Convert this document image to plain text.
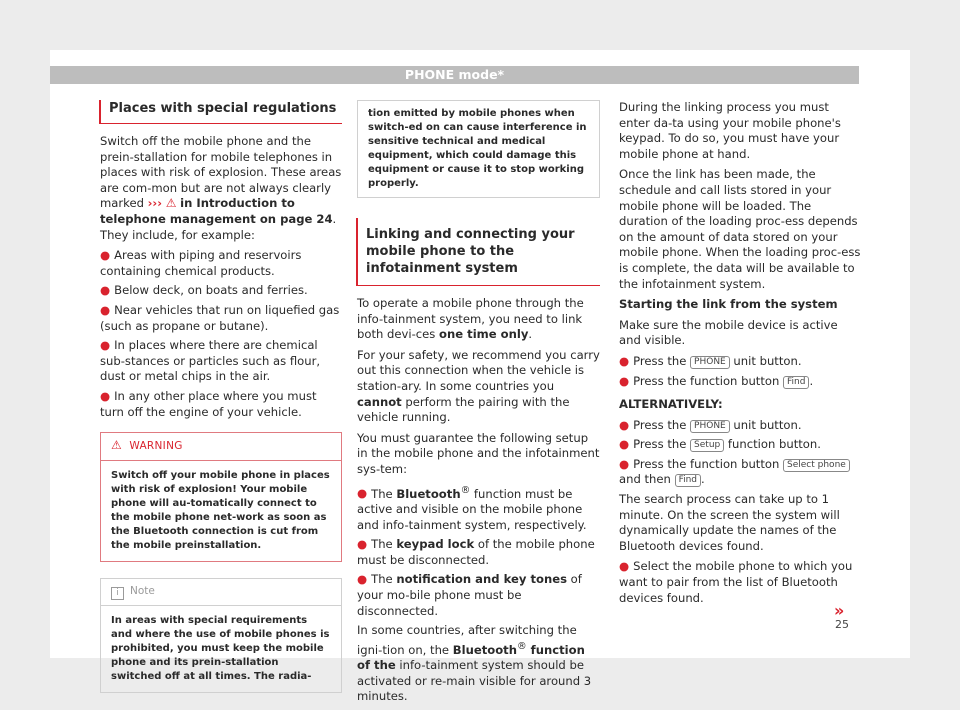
PHONE mode*
Places with special regulations

Switch off the mobile phone and the prein-stallation for mobile telephones in places with risk of explosion. These areas are com-mon but are not always clearly marked ››› ⚠ in Introduction to telephone management on page 24. They include, for example:

● Areas with piping and reservoirs containing chemical products.

● Below deck, on boats and ferries.

● Near vehicles that run on liquefied gas (such as propane or butane).

● In places where there are chemical sub-stances or particles such as flour, dust or metal chips in the air.

● In any other place where you must turn off the engine of your vehicle.

⚠ WARNING
Switch off your mobile phone in places with risk of explosion! Your mobile phone will au-tomatically connect to the mobile phone net-work as soon as the Bluetooth connection is cut from the mobile preinstallation.
i Note
In areas with special requirements and where the use of mobile phones is prohibited, you must keep the mobile phone and its prein-stallation switched off at all times. The radia-
tion emitted by mobile phones when switch-ed on can cause interference in sensitive technical and medical equipment, which could damage this equipment or cause it to stop working properly.
Linking and connecting your mobile phone to the infotainment system

To operate a mobile phone through the info-tainment system, you need to link both devi-ces one time only.

For your safety, we recommend you carry out this connection when the vehicle is station-ary. In some countries you cannot perform the pairing with the vehicle running.

You must guarantee the following setup in the mobile phone and the infotainment sys-tem:

● The Bluetooth® function must be active and visible on the mobile phone and info-tainment system, respectively.

● The keypad lock of the mobile phone must be disconnected.

● The notification and key tones of your mo-bile phone must be disconnected.

In some countries, after switching the igni-tion on, the Bluetooth® function of the info-tainment system should be activated or re-main visible for around 3 minutes.

During the linking process you must enter da-ta using your mobile phone's keypad. To do so, you must have your mobile phone at hand.

Once the link has been made, the schedule and call lists stored in your mobile phone will be loaded. The duration of the loading proc-ess depends on the amount of data stored on your mobile phone. When the loading proc-ess is complete, the data will be available to the infotainment system.

Starting the link from the system

Make sure the mobile device is active and visible.

● Press the PHONE unit button.

● Press the function button Find .

ALTERNATIVELY:

● Press the PHONE unit button.

● Press the Setup function button.

● Press the function button Select phone and then Find .

The search process can take up to 1 minute. On the screen the system will dynamically update the names of the Bluetooth devices found.

● Select the mobile phone to which you want to pair from the list of Bluetooth devices found.

»
25
